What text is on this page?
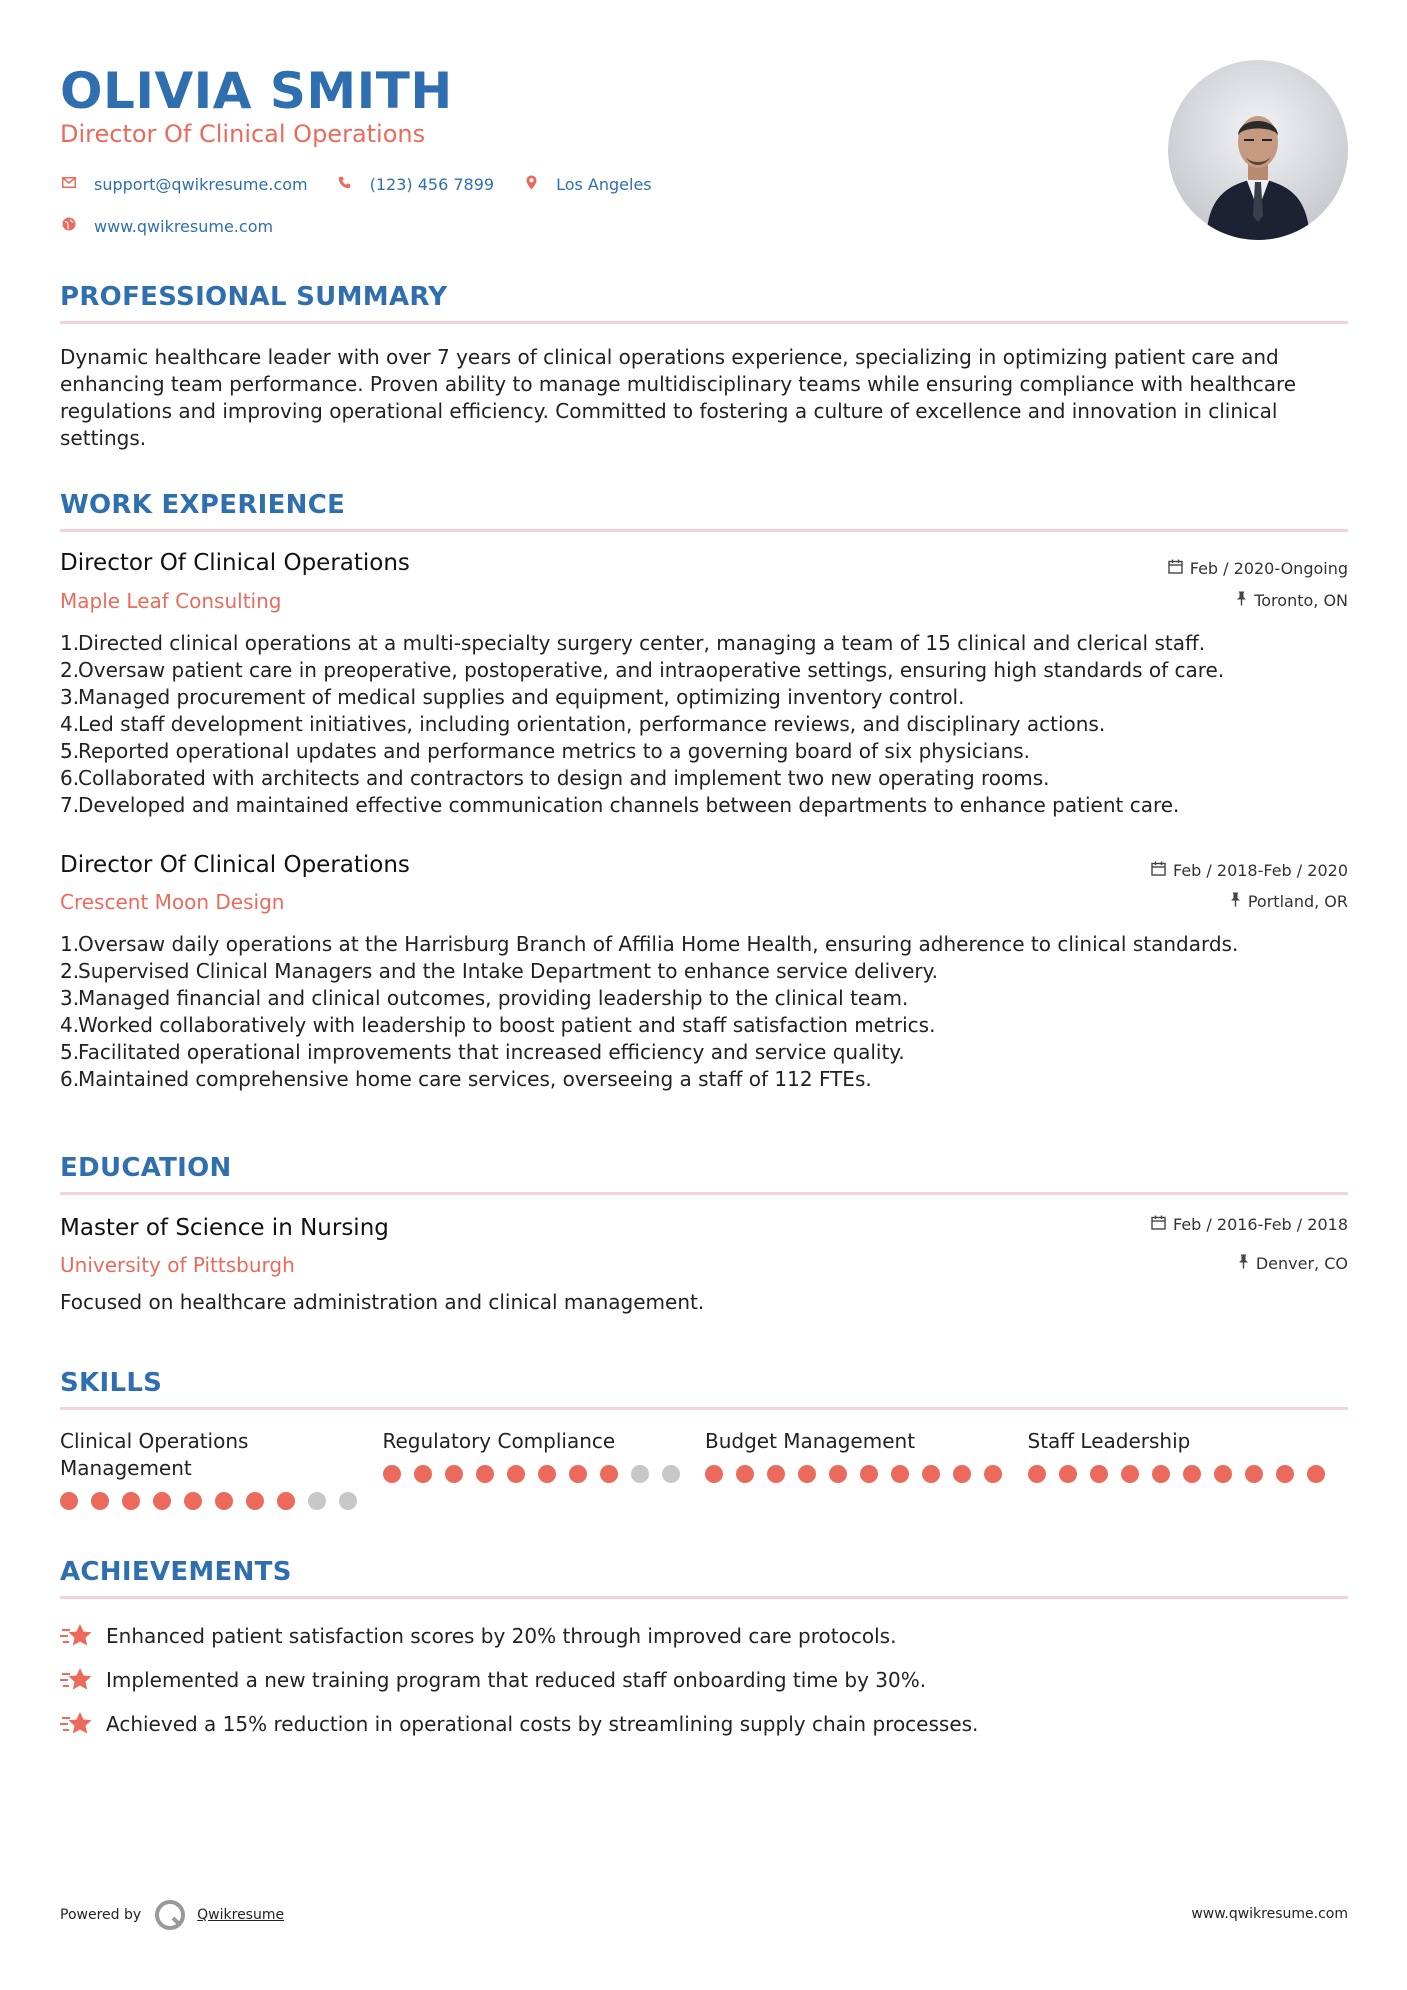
OLIVIA SMITH
Director Of Clinical Operations
support@qwikresume.com	(123) 456 7899	Los Angeles
www.qwikresume.com
PROFESSIONAL SUMMARY
Dynamic healthcare leader with over 7 years of clinical operations experience, specializing in optimizing patient care and enhancing team performance. Proven ability to manage multidisciplinary teams while ensuring compliance with healthcare regulations and improving operational efficiency. Committed to fostering a culture of excellence and innovation in clinical settings.
WORK EXPERIENCE
Director Of Clinical Operations
Maple Leaf Consulting
Feb / 2020-Ongoing
Toronto, ON
1.
Directed clinical operations at a multi-specialty surgery center, managing a team of 15 clinical and clerical staff.
2.
Oversaw patient care in preoperative, postoperative, and intraoperative settings, ensuring high standards of care.
3.
Managed procurement of medical supplies and equipment, optimizing inventory control.
4.
Led staff development initiatives, including orientation, performance reviews, and disciplinary actions.
5.
Reported operational updates and performance metrics to a governing board of six physicians.
6.
Collaborated with architects and contractors to design and implement two new operating rooms.
7.
Developed and maintained effective communication channels between departments to enhance patient care.
Director Of Clinical Operations
Crescent Moon Design
Feb / 2018-Feb / 2020
Portland, OR
1.
Oversaw daily operations at the Harrisburg Branch of Affilia Home Health, ensuring adherence to clinical standards.
2.
Supervised Clinical Managers and the Intake Department to enhance service delivery.
3.
Managed financial and clinical outcomes, providing leadership to the clinical team.
4.
Worked collaboratively with leadership to boost patient and staff satisfaction metrics.
5.
Facilitated operational improvements that increased efficiency and service quality.
6.
Maintained comprehensive home care services, overseeing a staff of 112 FTEs.
EDUCATION
Master of Science in Nursing
University of Pittsburgh
Feb / 2016-Feb / 2018
Denver, CO
Focused on healthcare administration and clinical management.
SKILLS
Clinical Operations Management
Regulatory Compliance	Budget Management	Staff Leadership
ACHIEVEMENTS
Enhanced patient satisfaction scores by 20% through improved care protocols.
Implemented a new training program that reduced staff onboarding time by 30%.
Achieved a 15% reduction in operational costs by streamlining supply chain processes.
Powered by	Qwikresume	www.qwikresume.com
